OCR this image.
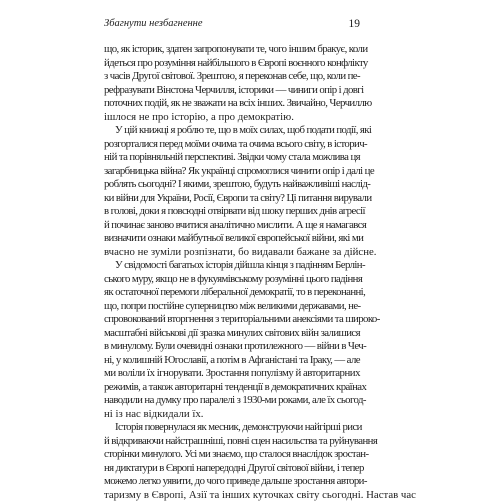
Збагнути незбагненне	19
що, як історик, здатен запропонувати те, чого іншим бракує, коли
йдеться про розуміння найбільшого в Європі воєнного конфлікту
з часів Другої світової. Зрештою, я переконав себе, що, коли пе-
рефразувати Вінстона Черчилля, історики — чиниги опір і довгі
поточних подій, як не зважати на всіх інших. Звичайно, Черчиллю
ішлося не про історію, а про демократію.
У цій книжці я роблю те, що в моїх силах, щоб подати події, які
розгорталися перед моїми очима та очима всього світу, в історич-
ній та порівняльній перспективі. Звідки чому стала можлива ця
загарбницька війна? Як українці спромоглися чинити опір і далі це
роблять сьогодні? І якими, зрештою, будуть найважливіші наслід-
ки війни для України, Росії, Європи та світу? Ці питання вирували
в голові, доки я повсюдні отвірвати від шоку перших днів агресії
й починає заново вчитися аналітично мислити. А ще я намагався
визначити ознаки майбутньої великої європейської війни, які ми
вчасно не зуміли розпізнати, бо видавали бажане за дійсне.
У свідомості багатьох історія дійшла кінця з падінням Берлін-
ського муру, якщо не в фукуямівському розумінні цього падіння
як остаточної перемоги ліберальної демократії, то в переконанні,
що, попри постійне суперництво між великими державами, не-
спровокований вторгнення з територіальними анексіями та широко-
масштабні військові дії зразка минулих світових війн залишися
в минулому. Були очевидні ознаки протилежного — війни в Чеч-
ні, у колишній Югославії, а потім в Афганістані та Іраку, — але
ми воліли їх ігнорувати. Зростання популізму й авторитарних
режимів, а також авторитарні тенденції в демократичних країнах
наводили на думку про паралелі з 1930-ми роками, але їх сьогод-
ні із нас відкидали їх.
Історія повернулася як месник, демонструючи найгірші риси
й відкриваючи найстрашніші, повні сцен насильства та руйнування
сторінки минулого. Усі ми знаємо, що сталося внаслідок зростан-
ня диктатури в Європі напередодні Другої світової війни, і тепер
можемо легко уявити, до чого приведе дальше зростання автори-
таризму в Європі, Азії та інших куточках світу сьогодні. Настав час
